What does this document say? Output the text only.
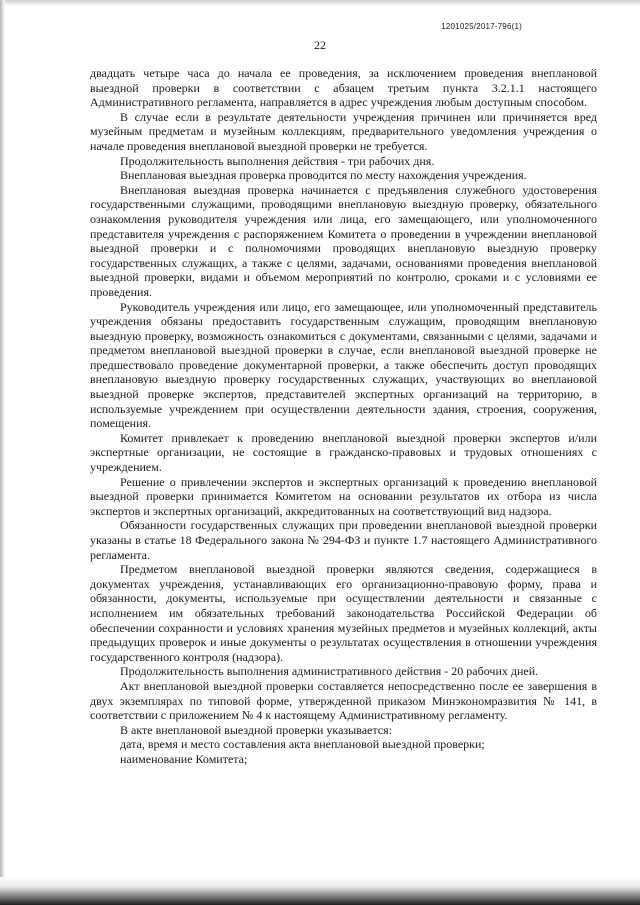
1201025/2017-796(1)
22

двадцать четыре часа до начала ее проведения, за исключением проведения внеплановой выездной проверки в соответствии с абзацем третьим пункта 3.2.1.1 настоящего Административного регламента, направляется в адрес учреждения любым доступным способом.

В случае если в результате деятельности учреждения причинен или причиняется вред музейным предметам и музейным коллекциям, предварительного уведомления учреждения о начале проведения внеплановой выездной проверки не требуется.

Продолжительность выполнения действия - три рабочих дня.

Внеплановая выездная проверка проводится по месту нахождения учреждения.

Внеплановая выездная проверка начинается с предъявления служебного удостоверения государственными служащими, проводящими внеплановую выездную проверку, обязательного ознакомления руководителя учреждения или лица, его замещающего, или уполномоченного представителя учреждения с распоряжением Комитета о проведении в учреждении внеплановой выездной проверки и с полномочиями проводящих внеплановую выездную проверку государственных служащих, а также с целями, задачами, основаниями проведения внеплановой выездной проверки, видами и объемом мероприятий по контролю, сроками и с условиями ее проведения.

Руководитель учреждения или лицо, его замещающее, или уполномоченный представитель учреждения обязаны предоставить государственным служащим, проводящим внеплановую выездную проверку, возможность ознакомиться с документами, связанными с целями, задачами и предметом внеплановой выездной проверки в случае, если внеплановой выездной проверке не предшествовало проведение документарной проверки, а также обеспечить доступ проводящих внеплановую выездную проверку государственных служащих, участвующих во внеплановой выездной проверке экспертов, представителей экспертных организаций на территорию, в используемые учреждением при осуществлении деятельности здания, строения, сооружения, помещения.

Комитет привлекает к проведению внеплановой выездной проверки экспертов и/или экспертные организации, не состоящие в гражданско-правовых и трудовых отношениях с учреждением.

Решение о привлечении экспертов и экспертных организаций к проведению внеплановой выездной проверки принимается Комитетом на основании результатов их отбора из числа экспертов и экспертных организаций, аккредитованных на соответствующий вид надзора.

Обязанности государственных служащих при проведении внеплановой выездной проверки указаны в статье 18 Федерального закона № 294-ФЗ и пункте 1.7 настоящего Административного регламента.

Предметом внеплановой выездной проверки являются сведения, содержащиеся в документах учреждения, устанавливающих его организационно-правовую форму, права и обязанности, документы, используемые при осуществлении деятельности и связанные с исполнением им обязательных требований законодательства Российской Федерации об обеспечении сохранности и условиях хранения музейных предметов и музейных коллекций, акты предыдущих проверок и иные документы о результатах осуществления в отношении учреждения государственного контроля (надзора).

Продолжительность выполнения административного действия - 20 рабочих дней.

Акт внеплановой выездной проверки составляется непосредственно после ее завершения в двух экземплярах по типовой форме, утвержденной приказом Минэкономразвития № 141, в соответствии с приложением № 4 к настоящему Административному регламенту.

В акте внеплановой выездной проверки указывается:

дата, время и место составления акта внеплановой выездной проверки;

наименование Комитета;
